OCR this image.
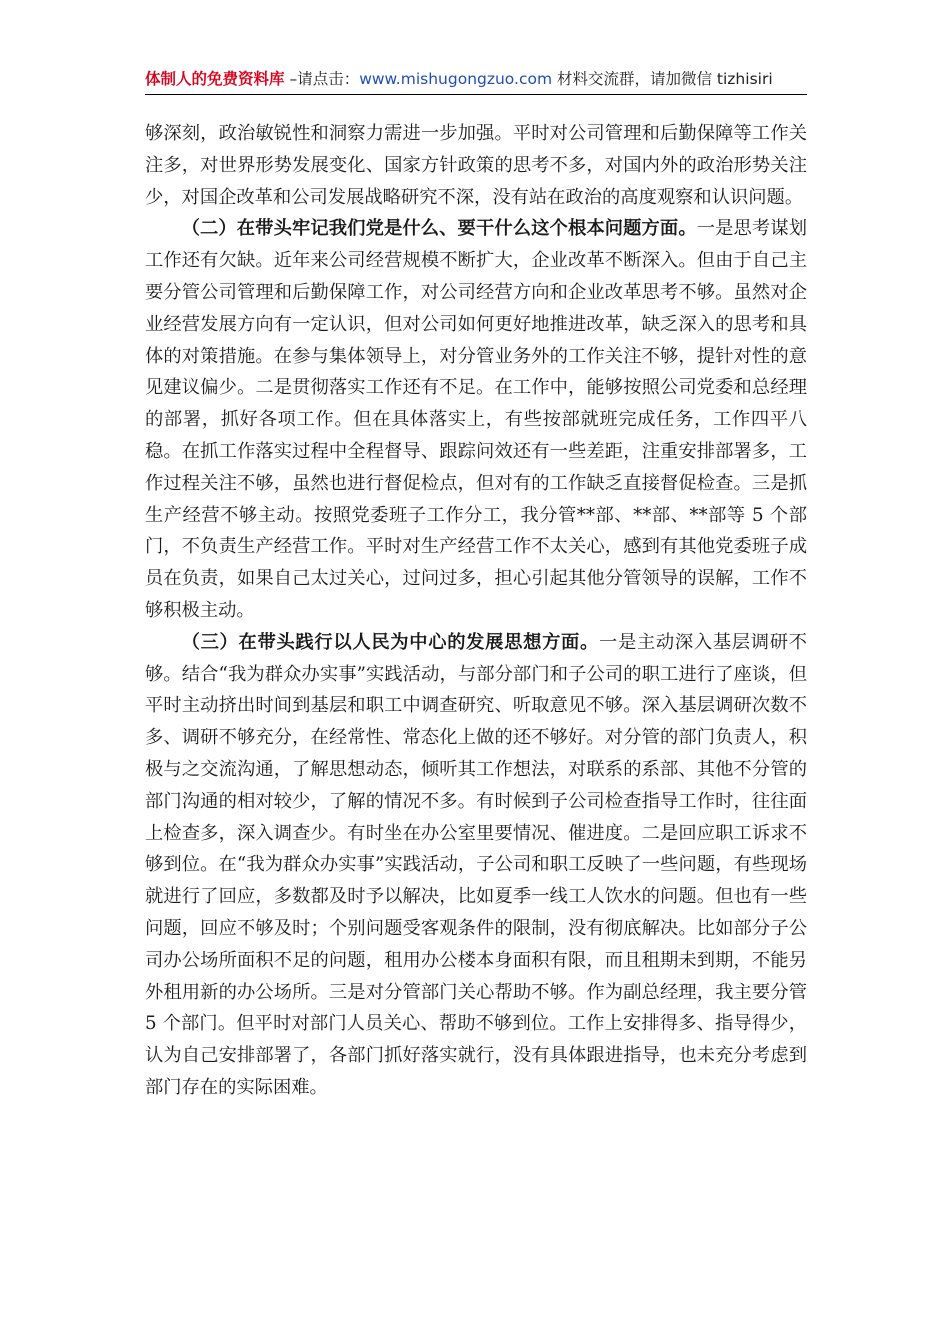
体制人的免费资料库 –请点击：www.mishugongzuo.com 材料交流群，请加微信 tizhisiri

够深刻，政治敏锐性和洞察力需进一步加强。平时对公司管理和后勤保障等工作关注多，对世界形势发展变化、国家方针政策的思考不多，对国内外的政治形势关注少，对国企改革和公司发展战略研究不深，没有站在政治的高度观察和认识问题。

（二）在带头牢记我们党是什么、要干什么这个根本问题方面。一是思考谋划工作还有欠缺。近年来公司经营规模不断扩大，企业改革不断深入。但由于自己主要分管公司管理和后勤保障工作，对公司经营方向和企业改革思考不够。虽然对企业经营发展方向有一定认识，但对公司如何更好地推进改革，缺乏深入的思考和具体的对策措施。在参与集体领导上，对分管业务外的工作关注不够，提针对性的意见建议偏少。二是贯彻落实工作还有不足。在工作中，能够按照公司党委和总经理的部署，抓好各项工作。但在具体落实上，有些按部就班完成任务，工作四平八稳。在抓工作落实过程中全程督导、跟踪问效还有一些差距，注重安排部署多，工作过程关注不够，虽然也进行督促检点，但对有的工作缺乏直接督促检查。三是抓生产经营不够主动。按照党委班子工作分工，我分管**部、**部、**部等 5 个部门，不负责生产经营工作。平时对生产经营工作不太关心，感到有其他党委班子成员在负责，如果自己太过关心，过问过多，担心引起其他分管领导的误解，工作不够积极主动。

（三）在带头践行以人民为中心的发展思想方面。一是主动深入基层调研不够。结合“我为群众办实事”实践活动，与部分部门和子公司的职工进行了座谈，但平时主动挤出时间到基层和职工中调查研究、听取意见不够。深入基层调研次数不多、调研不够充分，在经常性、常态化上做的还不够好。对分管的部门负责人，积极与之交流沟通，了解思想动态，倾听其工作想法，对联系的系部、其他不分管的部门沟通的相对较少，了解的情况不多。有时候到子公司检查指导工作时，往往面上检查多，深入调查少。有时坐在办公室里要情况、催进度。二是回应职工诉求不够到位。在“我为群众办实事”实践活动，子公司和职工反映了一些问题，有些现场就进行了回应，多数都及时予以解决，比如夏季一线工人饮水的问题。但也有一些问题，回应不够及时；个别问题受客观条件的限制，没有彻底解决。比如部分子公司办公场所面积不足的问题，租用办公楼本身面积有限，而且租期未到期，不能另外租用新的办公场所。三是对分管部门关心帮助不够。作为副总经理，我主要分管 5 个部门。但平时对部门人员关心、帮助不够到位。工作上安排得多、指导得少，认为自己安排部署了，各部门抓好落实就行，没有具体跟进指导，也未充分考虑到部门存在的实际困难。
